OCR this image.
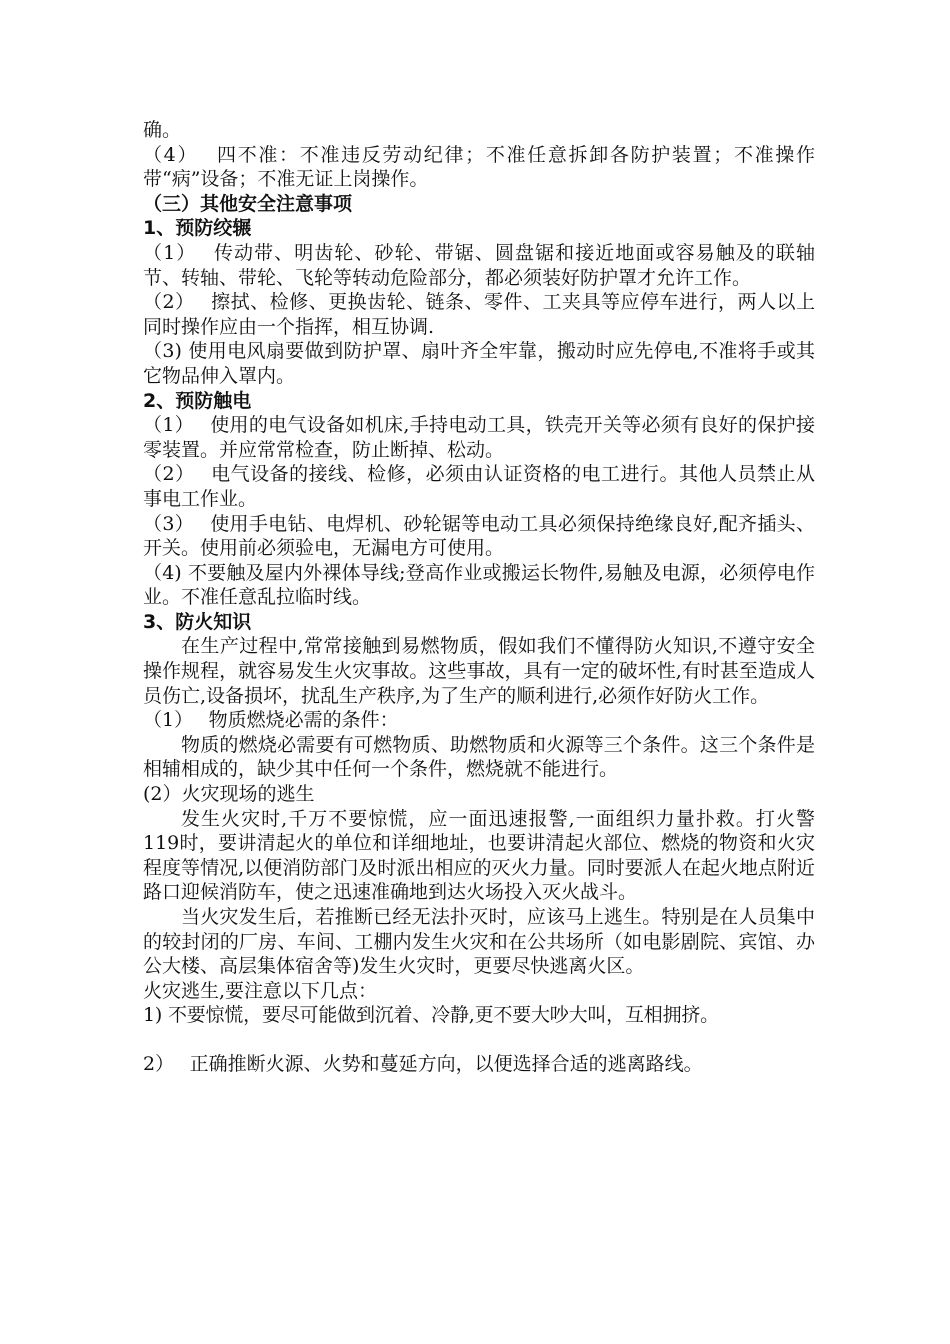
确。

（4）　 四不准：不准违反劳动纪律；不准任意拆卸各防护装置；不准操作带“病”设备；不准无证上岗操作。

（三）其他安全注意事项

1、预防绞辗

（1）　 传动带、明齿轮、砂轮、带锯、圆盘锯和接近地面或容易触及的联轴节、转轴、带轮、飞轮等转动危险部分，都必须装好防护罩才允许工作。

（2）　 擦拭、检修、更换齿轮、链条、零件、工夹具等应停车进行，两人以上同时操作应由一个指挥，相互协调.

（3) 使用电风扇要做到防护罩、扇叶齐全牢靠，搬动时应先停电,不准将手或其它物品伸入罩内。

2、预防触电

（1）　 使用的电气设备如机床,手持电动工具，铁壳开关等必须有良好的保护接零装置。并应常常检查，防止断掉、松动。

（2）　 电气设备的接线、检修，必须由认证资格的电工进行。其他人员禁止从事电工作业。

（3）　 使用手电钻、电焊机、砂轮锯等电动工具必须保持绝缘良好,配齐插头、开关。使用前必须验电，无漏电方可使用。

（4) 不要触及屋内外裸体导线;登高作业或搬运长物件,易触及电源，必须停电作业。不准任意乱拉临时线。

3、防火知识

在生产过程中,常常接触到易燃物质，假如我们不懂得防火知识,不遵守安全操作规程，就容易发生火灾事故。这些事故，具有一定的破坏性,有时甚至造成人员伤亡,设备损坏，扰乱生产秩序,为了生产的顺利进行,必须作好防火工作。

（1）　 物质燃烧必需的条件：

物质的燃烧必需要有可燃物质、助燃物质和火源等三个条件。这三个条件是相辅相成的，缺少其中任何一个条件，燃烧就不能进行。

(2）火灾现场的逃生

发生火灾时,千万不要惊慌，应一面迅速报警,一面组织力量扑救。打火警119时，要讲清起火的单位和详细地址，也要讲清起火部位、燃烧的物资和火灾程度等情况,以便消防部门及时派出相应的灭火力量。同时要派人在起火地点附近路口迎候消防车，使之迅速准确地到达火场投入灭火战斗。

当火灾发生后，若推断已经无法扑灭时，应该马上逃生。特别是在人员集中的较封闭的厂房、车间、工棚内发生火灾和在公共场所（如电影剧院、宾馆、办公大楼、高层集体宿舍等)发生火灾时，更要尽快逃离火区。

火灾逃生,要注意以下几点：

1) 不要惊慌，要尽可能做到沉着、冷静,更不要大吵大叫，互相拥挤。

2）　 正确推断火源、火势和蔓延方向，以便选择合适的逃离路线。
